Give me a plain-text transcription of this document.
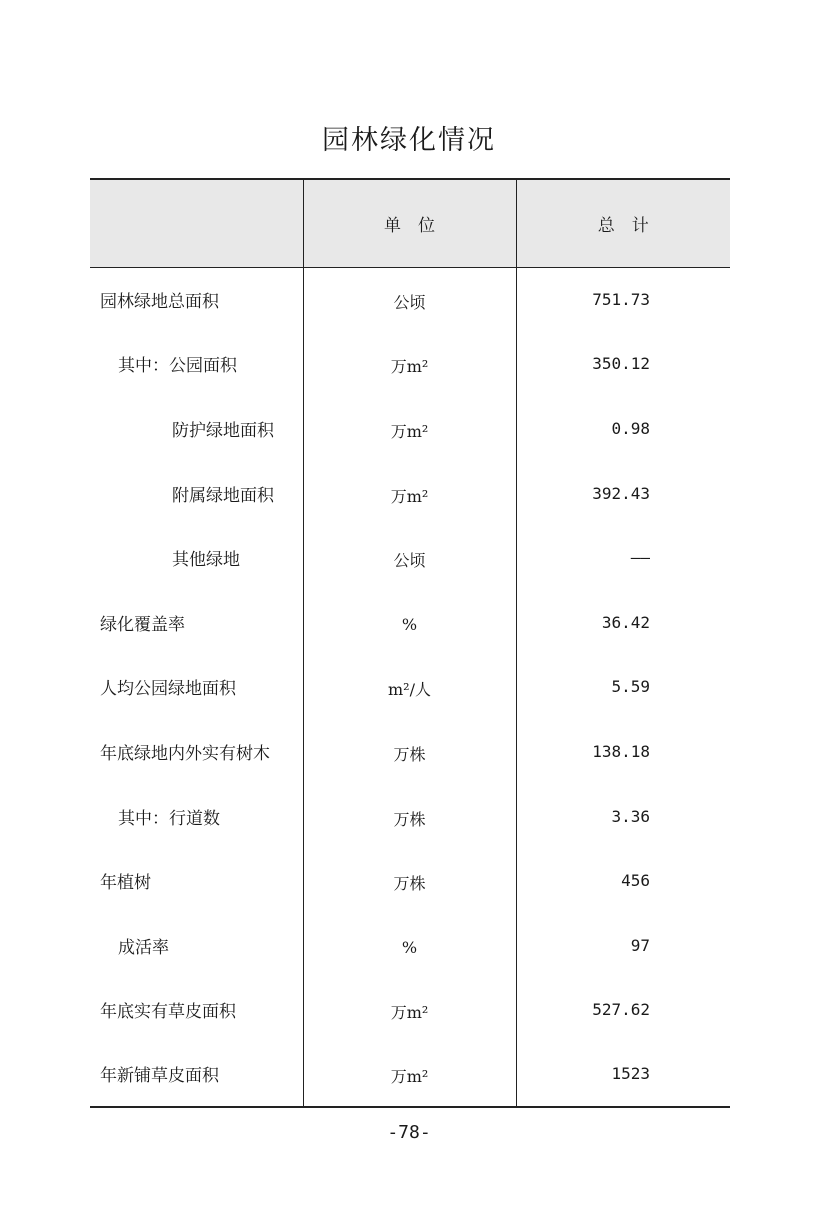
园林绿化情况
	单　位	总　计
园林绿地总面积	公顷	751.73
其中：公园面积	万m²	350.12
防护绿地面积	万m²	0.98
附属绿地面积	万m²	392.43
其他绿地	公顷	——
绿化覆盖率	%	36.42
人均公园绿地面积	m²/人	5.59
年底绿地内外实有树木	万株	138.18
其中：行道数	万株	3.36
年植树	万株	456
成活率	%	97
年底实有草皮面积	万m²	527.62
年新铺草皮面积	万m²	1523
-78-
